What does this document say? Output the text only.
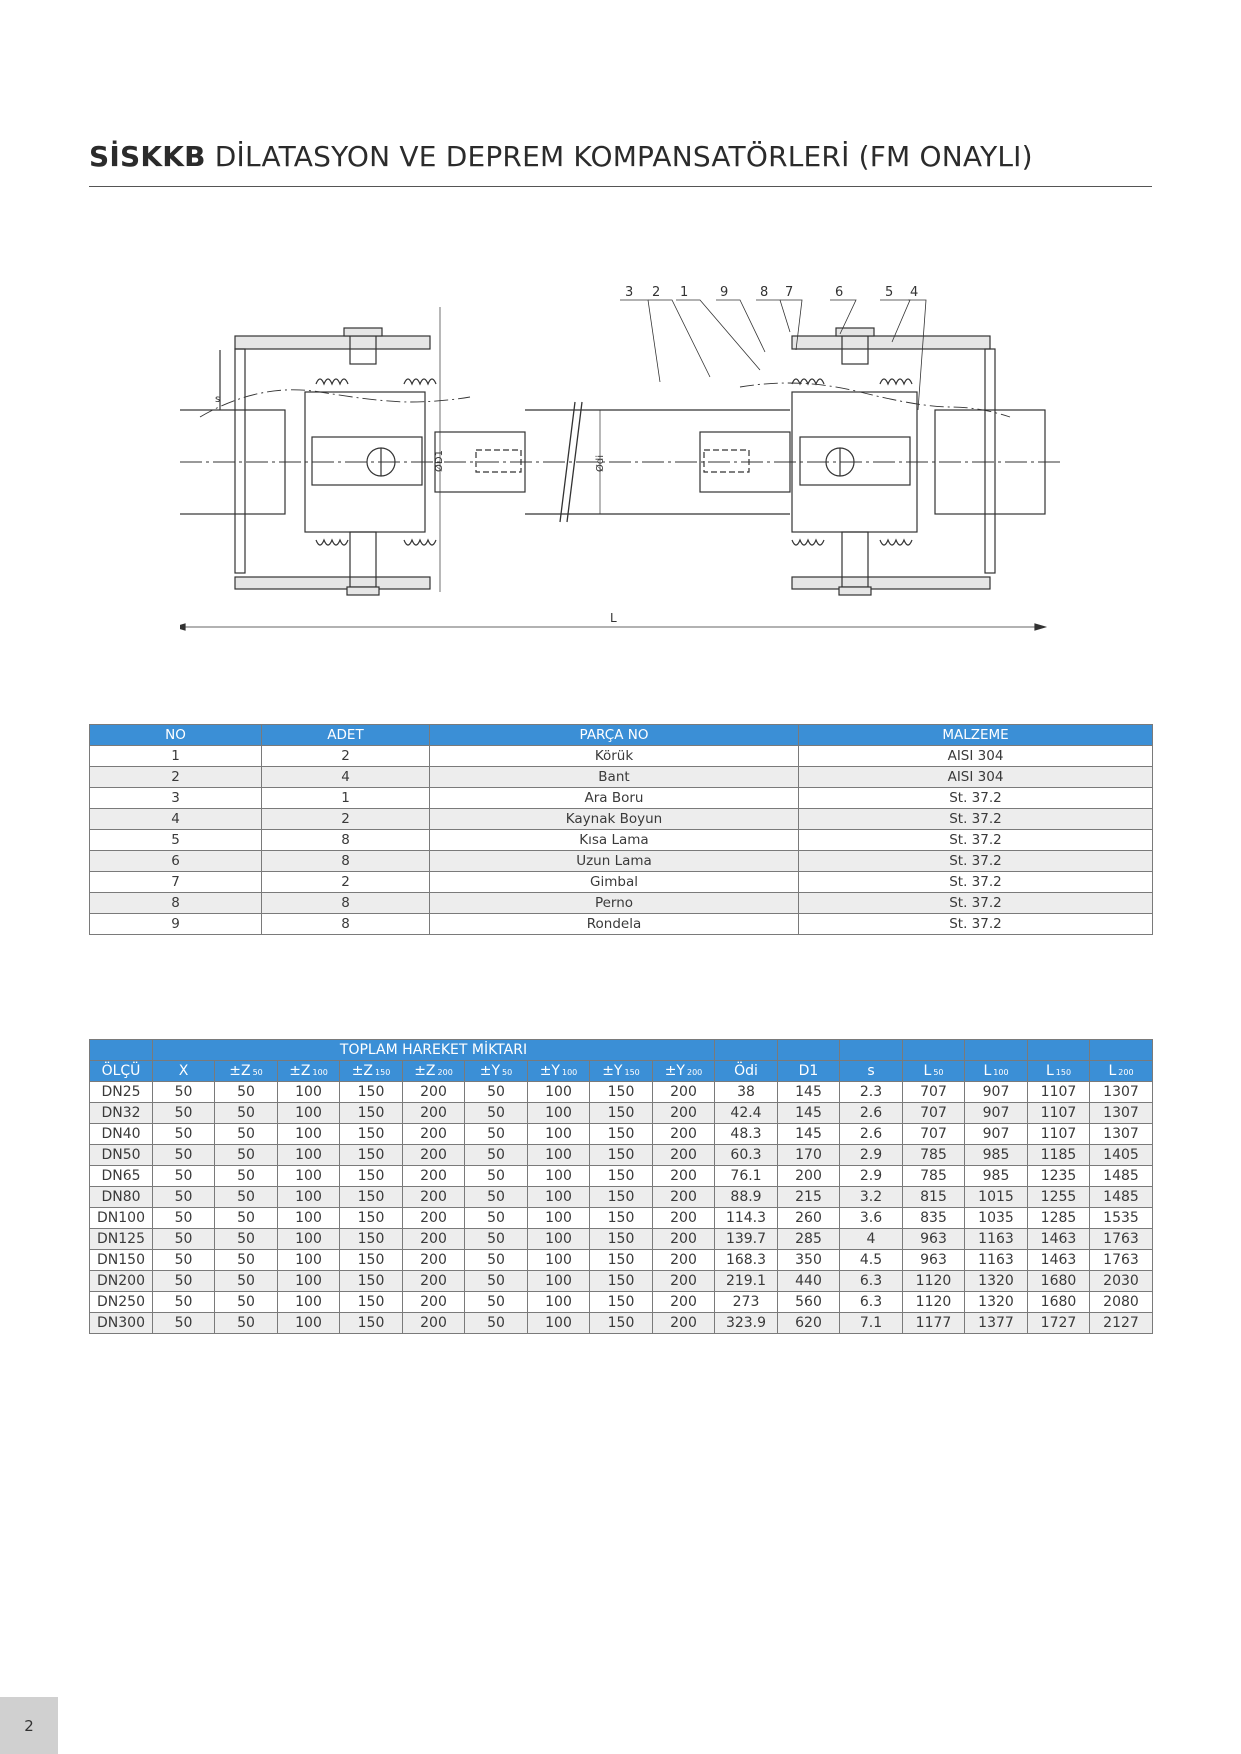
SİSKKB DİLATASYON VE DEPREM KOMPANSATÖRLERİ (FM ONAYLI)
3 2 1 9 8 7	6	5 4
s
ØD1	Ødi
L
NO	ADET	PARÇA NO	MALZEME
1	2	Körük	AISI 304
2	4	Bant	AISI 304
3	1	Ara Boru	St. 37.2
4	2	Kaynak Boyun	St. 37.2
5	8	Kısa Lama	St. 37.2
6	8	Uzun Lama	St. 37.2
7	2	Gimbal	St. 37.2
8	8	Perno	St. 37.2
9	8	Rondela	St. 37.2
	TOPLAM HAREKET MİKTARI															
ÖLÇÜ	X	±Z 50	±Z 100	±Z 150	±Z 200	±Y 50	±Y 100	±Y 150	±Y 200	Ödi	D1	s	L 50	L 100	L 150	L 200
DN25	50	50	100	150	200	50	100	150	200	38	145	2.3	707	907	1107	1307
DN32	50	50	100	150	200	50	100	150	200	42.4	145	2.6	707	907	1107	1307
DN40	50	50	100	150	200	50	100	150	200	48.3	145	2.6	707	907	1107	1307
DN50	50	50	100	150	200	50	100	150	200	60.3	170	2.9	785	985	1185	1405
DN65	50	50	100	150	200	50	100	150	200	76.1	200	2.9	785	985	1235	1485
DN80	50	50	100	150	200	50	100	150	200	88.9	215	3.2	815	1015	1255	1485
DN100	50	50	100	150	200	50	100	150	200	114.3	260	3.6	835	1035	1285	1535
DN125	50	50	100	150	200	50	100	150	200	139.7	285	4	963	1163	1463	1763
DN150	50	50	100	150	200	50	100	150	200	168.3	350	4.5	963	1163	1463	1763
DN200	50	50	100	150	200	50	100	150	200	219.1	440	6.3	1120	1320	1680	2030
DN250	50	50	100	150	200	50	100	150	200	273	560	6.3	1120	1320	1680	2080
DN300	50	50	100	150	200	50	100	150	200	323.9	620	7.1	1177	1377	1727	2127
2
